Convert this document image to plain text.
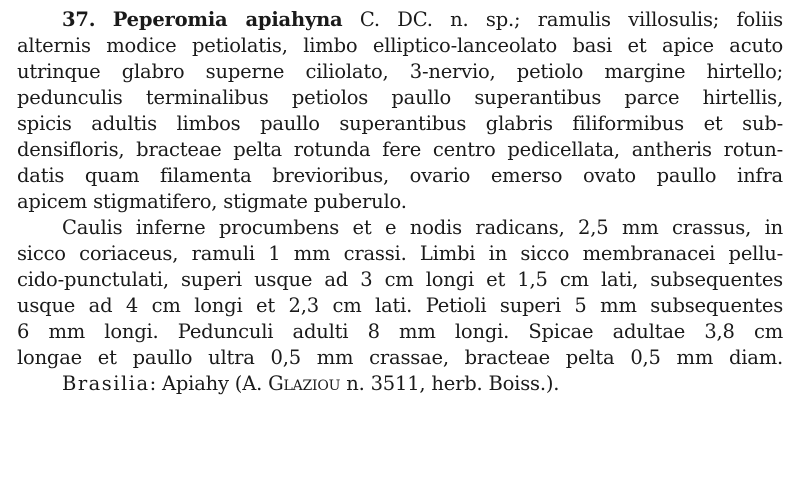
37. Peperomia apiahyna C. DC. n. sp.; ramulis villosulis; foliis
alternis modice petiolatis, limbo elliptico-lanceolato basi et apice acuto
utrinque glabro superne ciliolato, 3-nervio, petiolo margine hirtello;
pedunculis terminalibus petiolos paullo superantibus parce hirtellis,
spicis adultis limbos paullo superantibus glabris filiformibus et sub-
densifloris, bracteae pelta rotunda fere centro pedicellata, antheris rotun-
datis quam filamenta brevioribus, ovario emerso ovato paullo infra
apicem stigmatifero, stigmate puberulo.
Caulis inferne procumbens et e nodis radicans, 2,5 mm crassus, in
sicco coriaceus, ramuli 1 mm crassi. Limbi in sicco membranacei pellu-
cido-punctulati, superi usque ad 3 cm longi et 1,5 cm lati, subsequentes
usque ad 4 cm longi et 2,3 cm lati. Petioli superi 5 mm subsequentes
6 mm longi. Pedunculi adulti 8 mm longi. Spicae adultae 3,8 cm
longae et paullo ultra 0,5 mm crassae, bracteae pelta 0,5 mm diam.
Brasilia: Apiahy (A. Glaziou n. 3511, herb. Boiss.).
